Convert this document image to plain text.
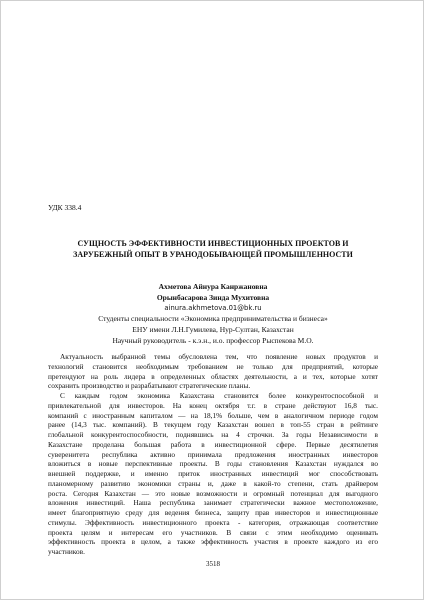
УДК 338.4
СУЩНОСТЬ ЭФФЕКТИВНОСТИ ИНВЕСТИЦИОННЫХ ПРОЕКТОВ И
ЗАРУБЕЖНЫЙ ОПЫТ В УРАНОДОБЫВАЮЩЕЙ ПРОМЫШЛЕННОСТИ
Ахметова Айнура Канржановна
Орынбасарова Зинда Мухитовна
ainura.akhmetova.01@bk.ru
Студенты специальности «Экономика предпринимательства и бизнеса»
ЕНУ имени Л.Н.Гумилева, Нур-Султан, Казахстан
Научный руководитель - к.э.н., и.о. профессор Рыспекова М.О.
Актуальность выбранной темы обусловлена тем, что появление новых продуктов и
технологий становится необходимым требованием не только для предприятий, которые
претендуют на роль лидера в определенных областях деятельности, а и тех, которые хотят
сохранить производство и разрабатывают стратегические планы.
С каждым годом экономика Казахстана становится более конкурентоспособной и
привлекательной для инвесторов. На конец октября т.г. в стране действуют 16,8 тыс.
компаний с иностранным капиталом — на 18,1% больше, чем в аналогичном периоде годом
ранее (14,3 тыс. компаний). В текущем году Казахстан вошел в топ-55 стран в рейтинге
глобальной конкурентоспособности, поднявшись на 4 строчки. За годы Независимости в
Казахстане проделана большая работа в инвестиционной сфере. Первые десятилетия
суверенитета республика активно принимала предложения иностранных инвесторов
вложиться в новые перспективные проекты. В годы становления Казахстан нуждался во
внешней поддержке, и именно приток иностранных инвестиций мог способствовать
планомерному развитию экономики страны и, даже в какой-то степени, стать драйвером
роста. Сегодня Казахстан — это новые возможности и огромный потенциал для выгодного
вложения инвестиций. Наша республика занимает стратегически важное местоположение,
имеет благоприятную среду для ведения бизнеса, защиту прав инвесторов и инвестиционные
стимулы. Эффективность инвестиционного проекта - категория, отражающая соответствие
проекта целям и интересам его участников. В связи с этим необходимо оценивать
эффективность проекта в целом, а также эффективность участия в проекте каждого из его
участников.
3518
